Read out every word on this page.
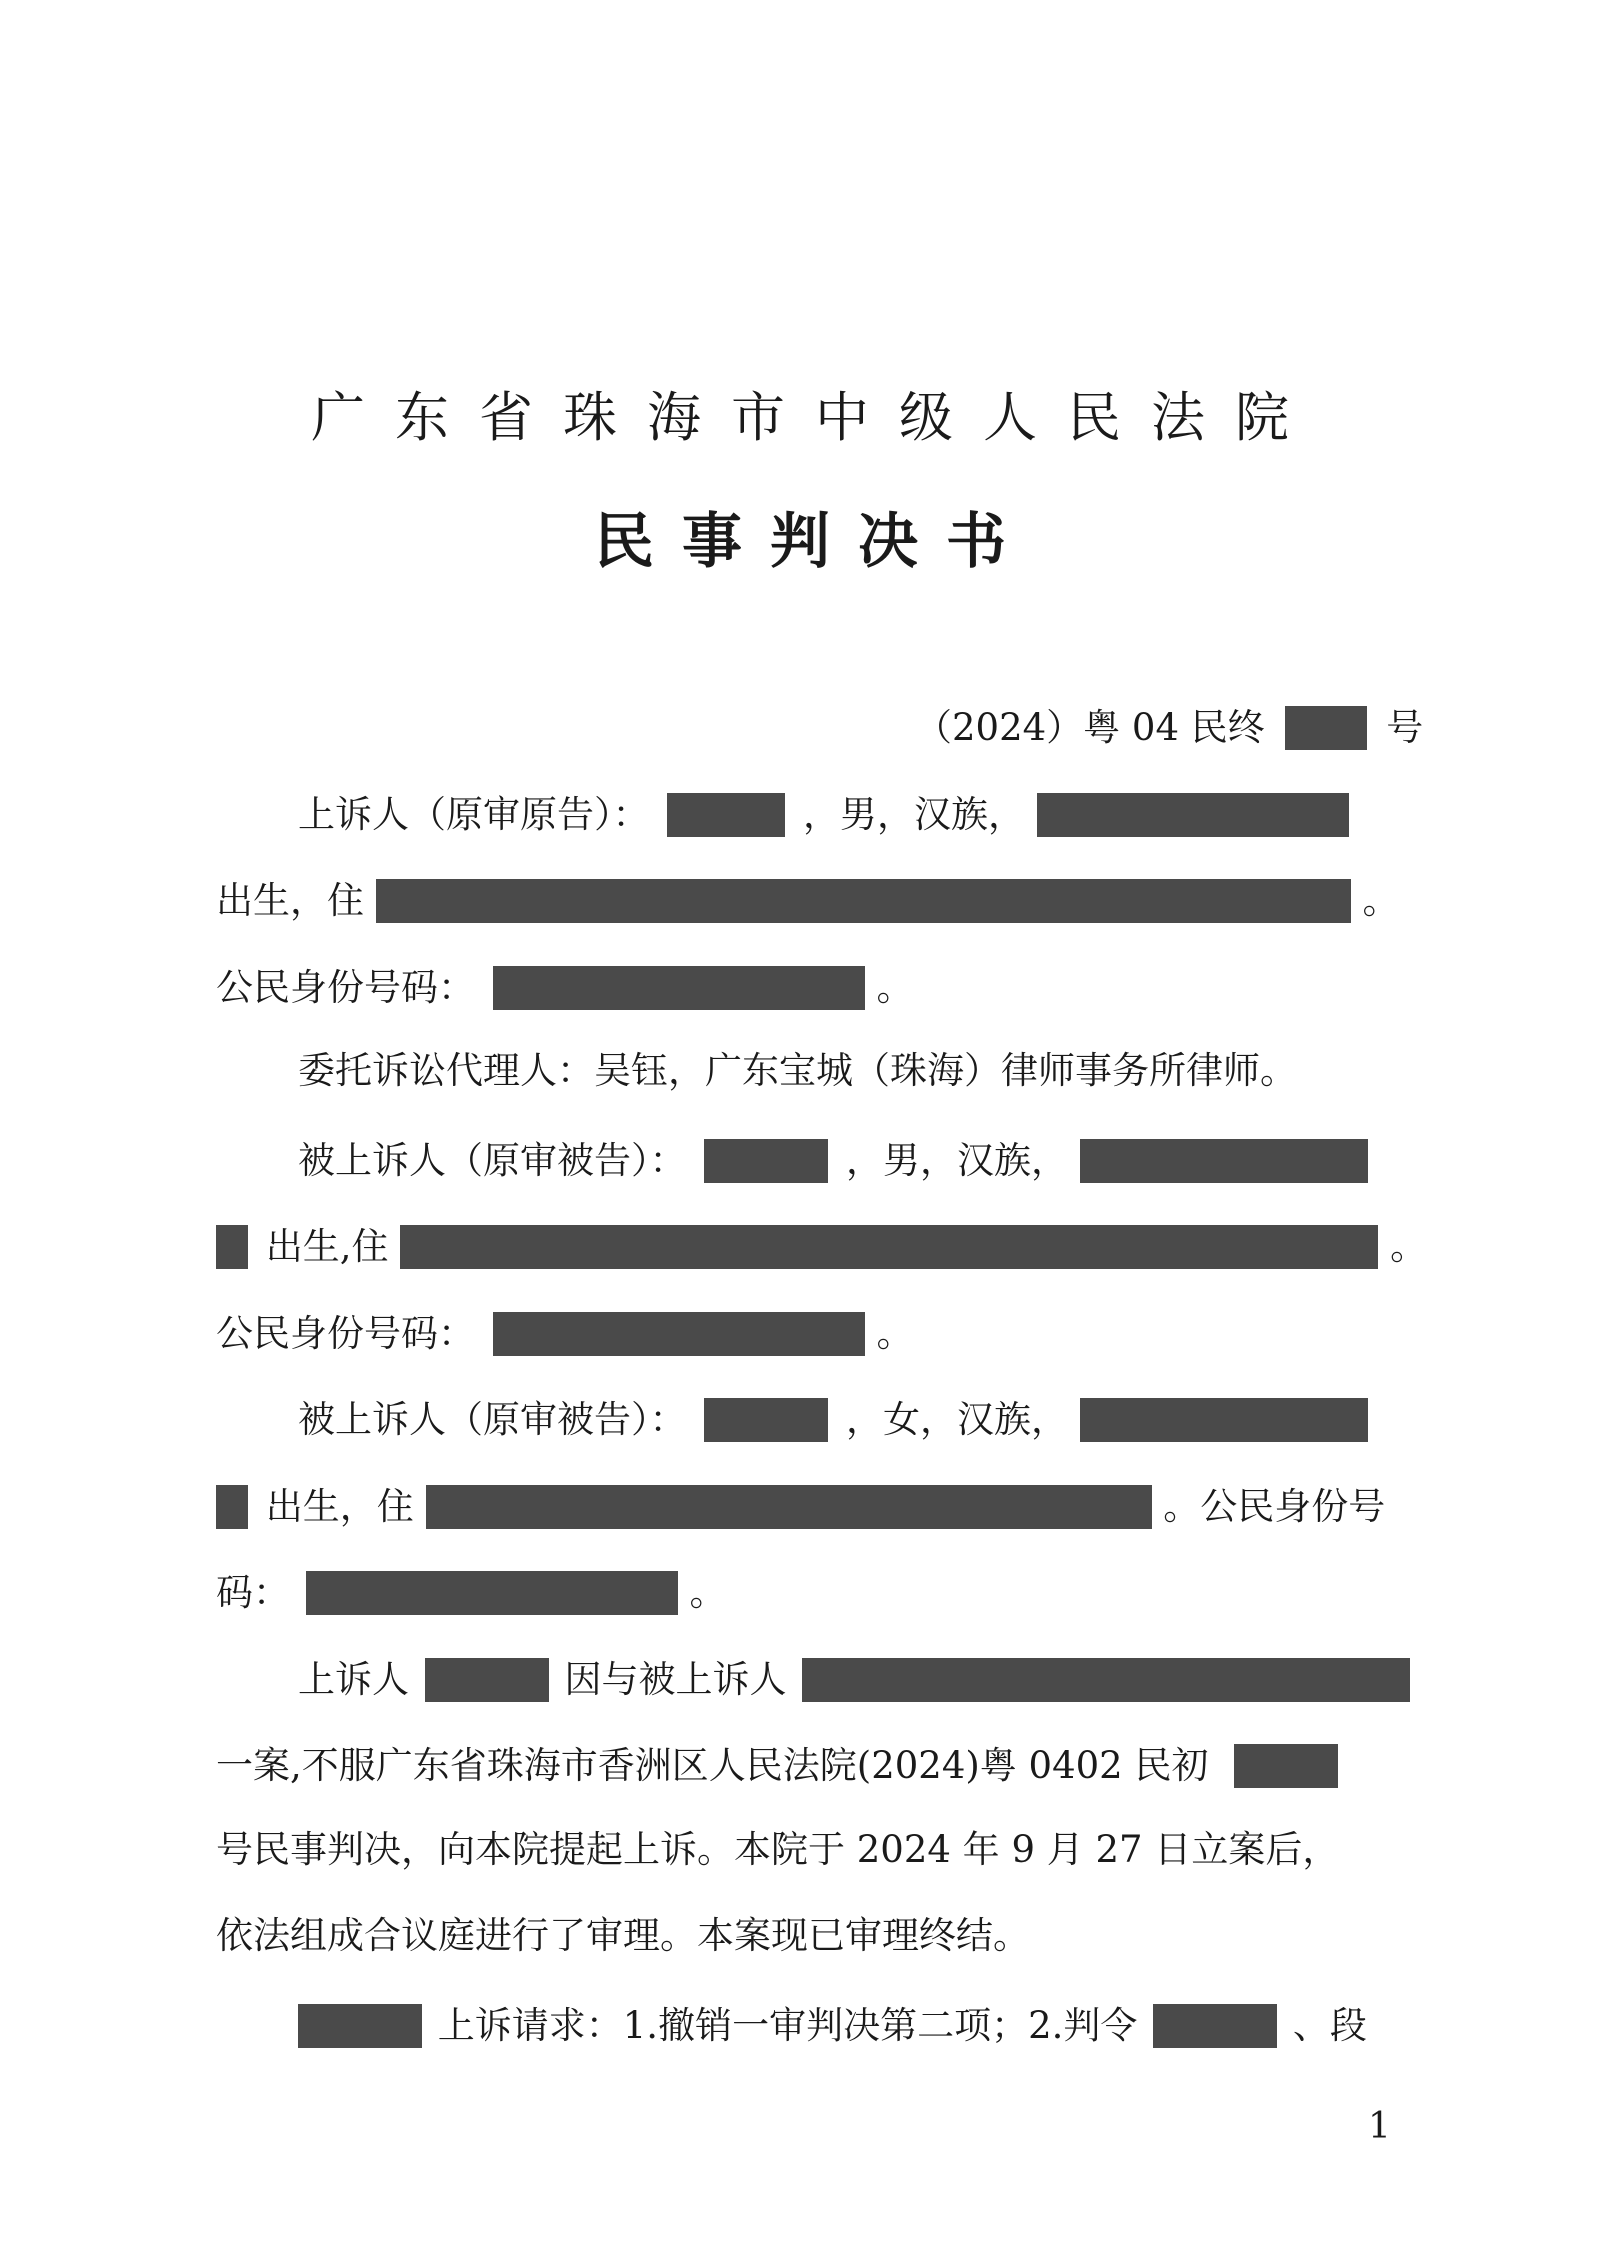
广东省珠海市中级人民法院
民事判决书
（2024）粤 04 民终	号
上诉人（原审原告）：	，男，汉族，
出生，住	。
公民身份号码：	。
委托诉讼代理人：吴钰，广东宝城（珠海）律师事务所律师。
被上诉人（原审被告）：	，男，汉族，
出生,住	。
公民身份号码：	。
被上诉人（原审被告）：	，女，汉族，
出生，住	。公民身份号
码：	。
上诉人	因与被上诉人
一案,不服广东省珠海市香洲区人民法院(2024)粤 0402 民初
号民事判决，向本院提起上诉。本院于 2024 年 9 月 27 日立案后，
依法组成合议庭进行了审理。本案现已审理终结。
上诉请求：1.撤销一审判决第二项；2.判令	、段
1
